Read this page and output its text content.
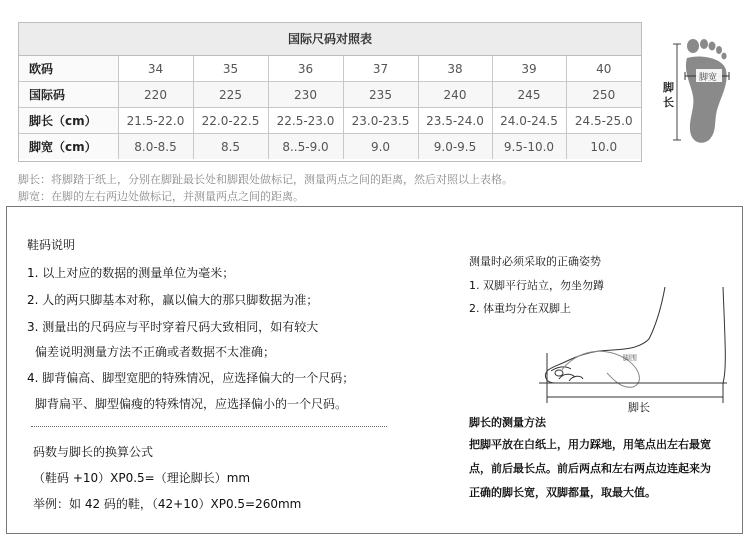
国际尺码对照表
欧码	34	35	36	37	38	39	40
国际码	220	225	230	235	240	245	250
脚长（cm）	21.5-22.0	22.0-22.5	22.5-23.0	23.0-23.5	23.5-24.0	24.0-24.5	24.5-25.0
脚宽（cm）	8.0-8.5	8.5	8..5-9.0	9.0	9.0-9.5	9.5-10.0	10.0
脚长
脚宽
脚长：将脚踏于纸上，分别在脚趾最长处和脚跟处做标记，测量两点之间的距离，然后对照以上表格。
脚宽：在脚的左右两边处做标记，并测量两点之间的距离。
鞋码说明
1. 以上对应的数据的测量单位为毫米；
2. 人的两只脚基本对称，赢以偏大的那只脚数据为准；
3. 测量出的尺码应与平时穿着尺码大致相同，如有较大
偏差说明测量方法不正确或者数据不太准确；
4. 脚背偏高、脚型宽肥的特殊情况，应选择偏大的一个尺码；
脚背扁平、脚型偏瘦的特殊情况，应选择偏小的一个尺码。
码数与脚长的换算公式
（鞋码 +10）XP0.5=（理论脚长）mm
举例：如 42 码的鞋，（42+10）XP0.5=260mm
测量时必须采取的正确姿势
1. 双脚平行站立，勿坐勿蹲
2. 体重均分在双脚上
脚围
脚长
脚长的测量方法
把脚平放在白纸上，用力踩地，用笔点出左右最宽
点，前后最长点。前后两点和左右两点边连起来为
正确的脚长宽，双脚都量，取最大值。
